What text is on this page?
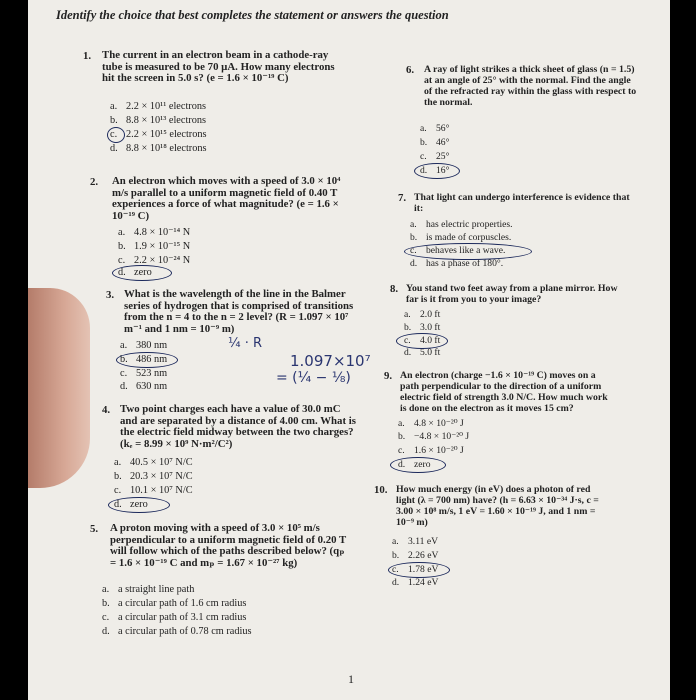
Identify the choice that best completes the statement or answers the question
1. The current in an electron beam in a cathode-ray
tube is measured to be 70 µA. How many electrons
hit the screen in 5.0 s? (e = 1.6 × 10⁻¹⁹ C)
a. 2.2 × 10¹¹ electrons
b. 8.8 × 10¹³ electrons
c. 2.2 × 10¹⁵ electrons
d. 8.8 × 10¹⁸ electrons
2. An electron which moves with a speed of 3.0 × 10⁴
m/s parallel to a uniform magnetic field of 0.40 T
experiences a force of what magnitude? (e = 1.6 ×
10⁻¹⁹ C)
a. 4.8 × 10⁻¹⁴ N
b. 1.9 × 10⁻¹⁵ N
c. 2.2 × 10⁻²⁴ N
d. zero
3. What is the wavelength of the line in the Balmer
series of hydrogen that is comprised of transitions
from the n = 4 to the n = 2 level? (R = 1.097 × 10⁷
m⁻¹ and 1 nm = 10⁻⁹ m)
a. 380 nm
b. 486 nm
c. 523 nm
d. 630 nm
¼ · R
1.097×10⁷
= (¼ − ⅛)
4. Two point charges each have a value of 30.0 mC
and are separated by a distance of 4.00 cm. What is
the electric field midway between the two charges?
(kₑ = 8.99 × 10⁹ N·m²/C²)
a. 40.5 × 10⁷ N/C
b. 20.3 × 10⁷ N/C
c. 10.1 × 10⁷ N/C
d. zero
5. A proton moving with a speed of 3.0 × 10⁵ m/s
perpendicular to a uniform magnetic field of 0.20 T
will follow which of the paths described below? (qₚ
= 1.6 × 10⁻¹⁹ C and mₚ = 1.67 × 10⁻²⁷ kg)
a. a straight line path
b. a circular path of 1.6 cm radius
c. a circular path of 3.1 cm radius
d. a circular path of 0.78 cm radius
6. A ray of light strikes a thick sheet of glass (n = 1.5)
at an angle of 25° with the normal. Find the angle
of the refracted ray within the glass with respect to
the normal.
a. 56°
b. 46°
c. 25°
d. 16°
7. That light can undergo interference is evidence that
it:
a. has electric properties.
b. is made of corpuscles.
c. behaves like a wave.
d. has a phase of 180°.
8. You stand two feet away from a plane mirror. How
far is it from you to your image?
a. 2.0 ft
b. 3.0 ft
c. 4.0 ft
d. 5.0 ft
9. An electron (charge −1.6 × 10⁻¹⁹ C) moves on a
path perpendicular to the direction of a uniform
electric field of strength 3.0 N/C. How much work
is done on the electron as it moves 15 cm?
a. 4.8 × 10⁻²⁰ J
b. −4.8 × 10⁻²⁰ J
c. 1.6 × 10⁻²⁰ J
d. zero
10. How much energy (in eV) does a photon of red
light (λ = 700 nm) have? (h = 6.63 × 10⁻³⁴ J·s, c =
3.00 × 10⁸ m/s, 1 eV = 1.60 × 10⁻¹⁹ J, and 1 nm =
10⁻⁹ m)
a. 3.11 eV
b. 2.26 eV
c. 1.78 eV
d. 1.24 eV
1
